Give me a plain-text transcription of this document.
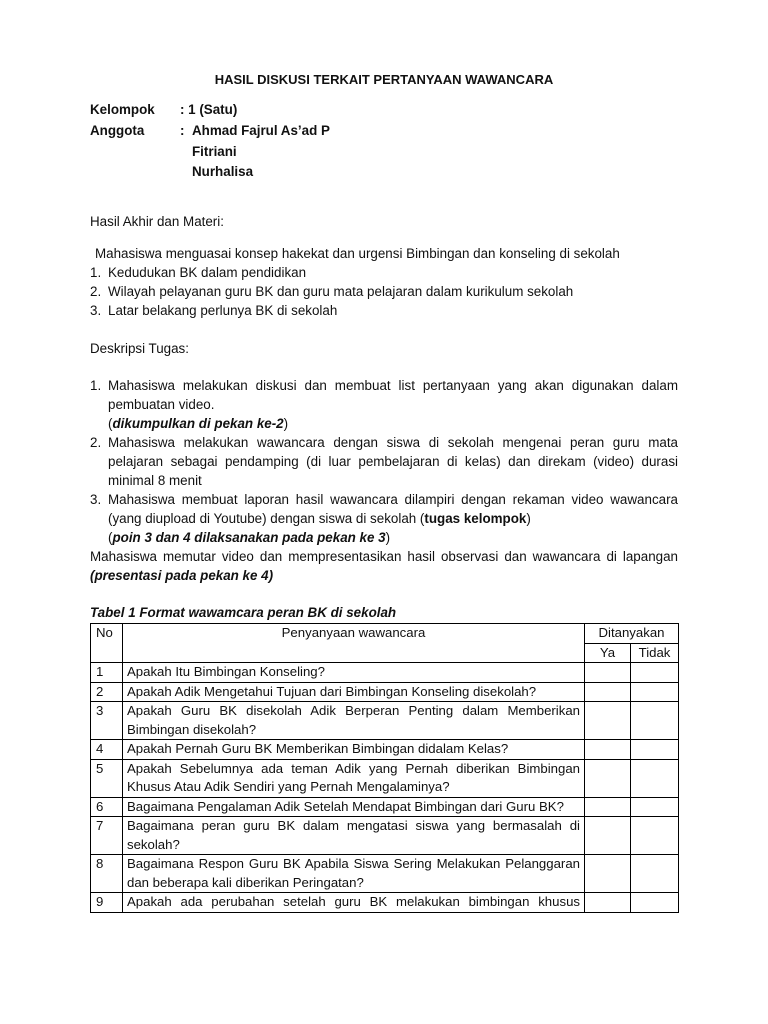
HASIL DISKUSI TERKAIT PERTANYAAN WAWANCARA
Kelompok : 1 (Satu)
Anggota	: Ahmad Fajrul As’ad P
Fitriani
Nurhalisa
Hasil Akhir dan Materi:
Mahasiswa menguasai konsep hakekat dan urgensi Bimbingan dan konseling di sekolah
1. Kedudukan BK dalam pendidikan
2. Wilayah pelayanan guru BK dan guru mata pelajaran dalam kurikulum sekolah
3. Latar belakang perlunya BK di sekolah
Deskripsi Tugas:
1. Mahasiswa melakukan diskusi dan membuat list pertanyaan yang akan digunakan dalam
pembuatan video.
(dikumpulkan di pekan ke-2)
2. Mahasiswa melakukan wawancara dengan siswa di sekolah mengenai peran guru mata
pelajaran sebagai pendamping (di luar pembelajaran di kelas) dan direkam (video) durasi
minimal 8 menit
3. Mahasiswa membuat laporan hasil wawancara dilampiri dengan rekaman video wawancara
(yang diupload di Youtube) dengan siswa di sekolah (tugas kelompok)
(poin 3 dan 4 dilaksanakan pada pekan ke 3)
Mahasiswa memutar video dan mempresentasikan hasil observasi dan wawancara di lapangan
(presentasi pada pekan ke 4)
Tabel 1 Format wawamcara peran BK di sekolah
No	Penyanyaan wawancara	Ditanyakan	
		Ya	Tidak
1	Apakah Itu Bimbingan Konseling?		
2	Apakah Adik Mengetahui Tujuan dari Bimbingan Konseling disekolah?		
3	Apakah Guru BK disekolah Adik Berperan Penting dalam Memberikan Bimbingan disekolah?		
4	Apakah Pernah Guru BK Memberikan Bimbingan didalam Kelas?		
5	Apakah Sebelumnya ada teman Adik yang Pernah diberikan Bimbingan Khusus Atau Adik Sendiri yang Pernah Mengalaminya?		
6	Bagaimana Pengalaman Adik Setelah Mendapat Bimbingan dari Guru BK?		
7	Bagaimana peran guru BK dalam mengatasi siswa yang bermasalah di sekolah?		
8	Bagaimana Respon Guru BK Apabila Siswa Sering Melakukan Pelanggaran dan beberapa kali diberikan Peringatan?		
9	Apakah ada perubahan setelah guru BK melakukan bimbingan khusus		
